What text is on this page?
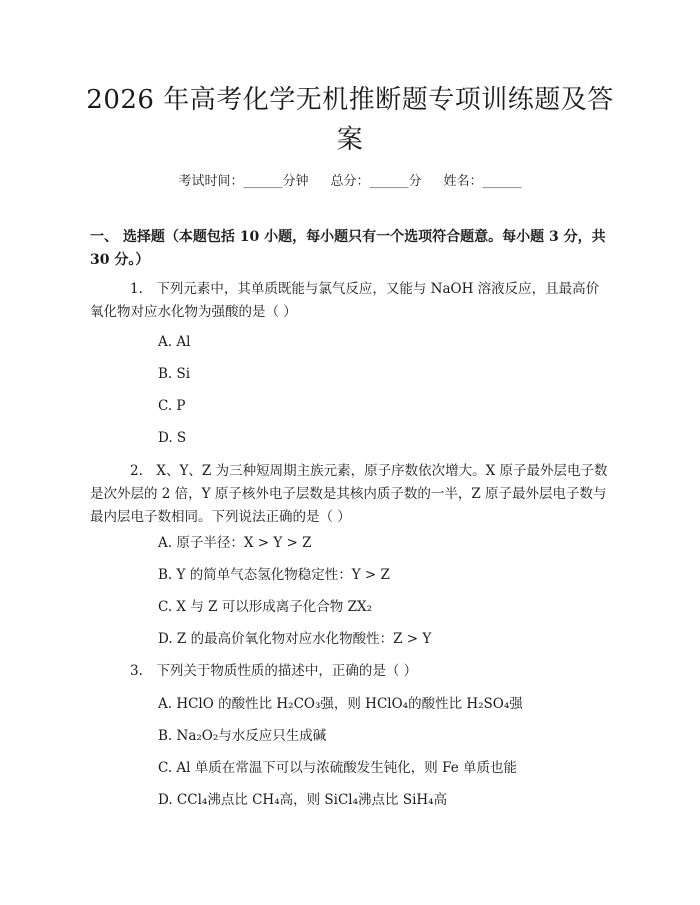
2026 年高考化学无机推断题专项训练题及答
案
考试时间：______分钟 总分：______分 姓名：______
一、 选择题（本题包括 10 小题，每小题只有一个选项符合题意。每小题 3 分，共 30 分。）
1.　下列元素中，其单质既能与氯气反应，又能与 NaOH 溶液反应，且最高价氧化物对应水化物为强酸的是（ ）
A. Al
B. Si
C. P
D. S
2.　X、Y、Z 为三种短周期主族元素，原子序数依次增大。X 原子最外层电子数是次外层的 2 倍，Y 原子核外电子层数是其核内质子数的一半，Z 原子最外层电子数与最内层电子数相同。下列说法正确的是（ ）
A. 原子半径：X > Y > Z
B. Y 的简单气态氢化物稳定性：Y > Z
C. X 与 Z 可以形成离子化合物 ZX₂
D. Z 的最高价氧化物对应水化物酸性：Z > Y
3.　下列关于物质性质的描述中，正确的是（ ）
A. HClO 的酸性比 H₂CO₃强，则 HClO₄的酸性比 H₂SO₄强
B. Na₂O₂与水反应只生成碱
C. Al 单质在常温下可以与浓硫酸发生钝化，则 Fe 单质也能
D. CCl₄沸点比 CH₄高，则 SiCl₄沸点比 SiH₄高
